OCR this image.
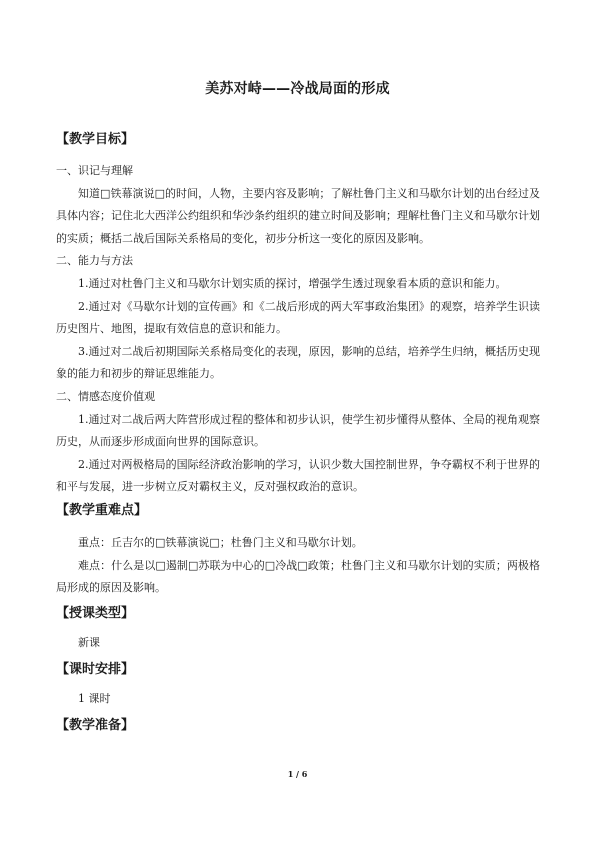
美苏对峙——冷战局面的形成

【教学目标】

一、识记与理解

知道□铁幕演说□的时间，人物，主要内容及影响；了解杜鲁门主义和马歇尔计划的出台经过及具体内容；记住北大西洋公约组织和华沙条约组织的建立时间及影响；理解杜鲁门主义和马歇尔计划的实质；概括二战后国际关系格局的变化，初步分析这一变化的原因及影响。

二、能力与方法

1.通过对杜鲁门主义和马歇尔计划实质的探讨，增强学生透过现象看本质的意识和能力。

2.通过对《马歇尔计划的宣传画》和《二战后形成的两大军事政治集团》的观察，培养学生识读历史图片、地图，提取有效信息的意识和能力。

3.通过对二战后初期国际关系格局变化的表现，原因，影响的总结，培养学生归纳，概括历史现象的能力和初步的辩证思维能力。

二、情感态度价值观

1.通过对二战后两大阵营形成过程的整体和初步认识，使学生初步懂得从整体、全局的视角观察历史，从而逐步形成面向世界的国际意识。

2.通过对两极格局的国际经济政治影响的学习，认识少数大国控制世界，争夺霸权不利于世界的和平与发展，进一步树立反对霸权主义，反对强权政治的意识。

【教学重难点】

重点：丘吉尔的□铁幕演说□；杜鲁门主义和马歇尔计划。

难点：什么是以□遏制□苏联为中心的□冷战□政策；杜鲁门主义和马歇尔计划的实质；两极格局形成的原因及影响。

【授课类型】

新课

【课时安排】

1 课时

【教学准备】

1 / 6
